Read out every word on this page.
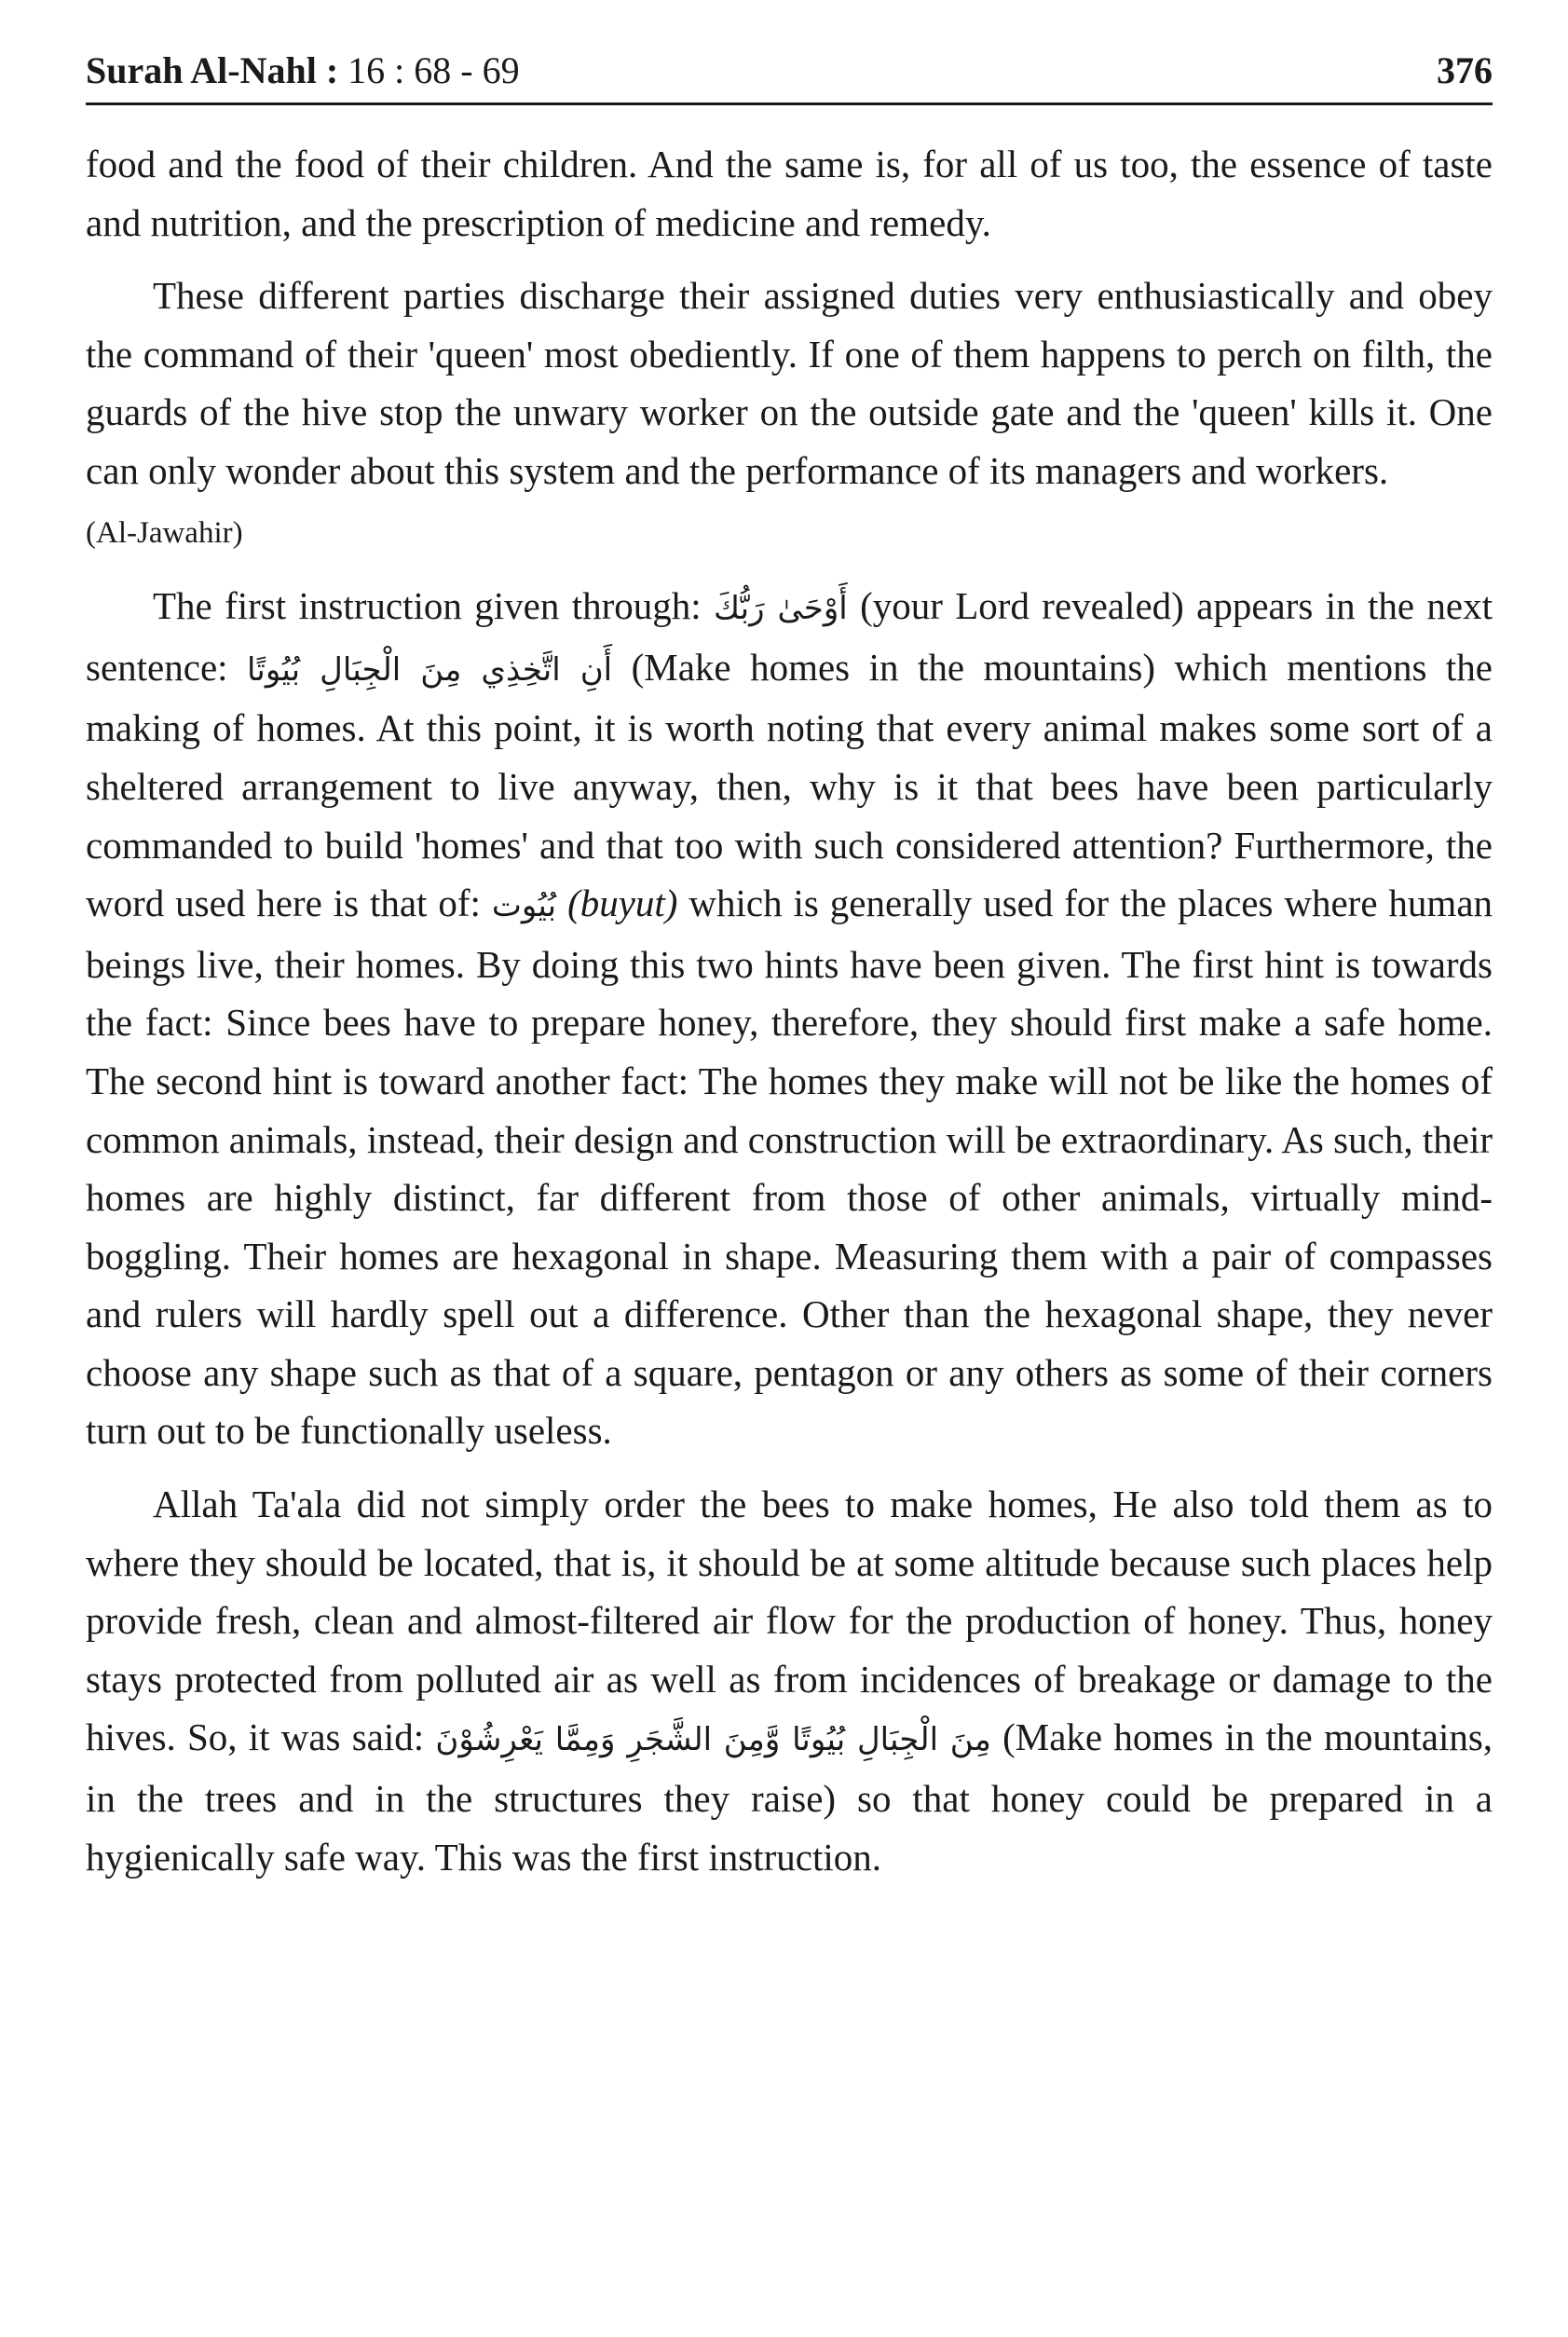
Surah Al-Nahl : 16 : 68 - 69	376

food and the food of their children. And the same is, for all of us too, the essence of taste and nutrition, and the prescription of medicine and remedy.

These different parties discharge their assigned duties very enthusiastically and obey the command of their 'queen' most obediently. If one of them happens to perch on filth, the guards of the hive stop the unwary worker on the outside gate and the 'queen' kills it. One can only wonder about this system and the performance of its managers and workers.
(Al-Jawahir)

The first instruction given through: أَوْحَىٰ رَبُّكَ (your Lord revealed) appears in the next sentence: أَنِ اتَّخِذِي مِنَ الْجِبَالِ بُيُوتًا (Make homes in the mountains) which mentions the making of homes. At this point, it is worth noting that every animal makes some sort of a sheltered arrangement to live anyway, then, why is it that bees have been particularly commanded to build 'homes' and that too with such considered attention? Furthermore, the word used here is that of: بُيُوت (buyut) which is generally used for the places where human beings live, their homes. By doing this two hints have been given. The first hint is towards the fact: Since bees have to prepare honey, therefore, they should first make a safe home. The second hint is toward another fact: The homes they make will not be like the homes of common animals, instead, their design and construction will be extraordinary. As such, their homes are highly distinct, far different from those of other animals, virtually mind-boggling. Their homes are hexagonal in shape. Measuring them with a pair of compasses and rulers will hardly spell out a difference. Other than the hexagonal shape, they never choose any shape such as that of a square, pentagon or any others as some of their corners turn out to be functionally useless.

Allah Ta'ala did not simply order the bees to make homes, He also told them as to where they should be located, that is, it should be at some altitude because such places help provide fresh, clean and almost-filtered air flow for the production of honey. Thus, honey stays protected from polluted air as well as from incidences of breakage or damage to the hives. So, it was said: مِنَ الْجِبَالِ بُيُوتًا وَّمِنَ الشَّجَرِ وَمِمَّا يَعْرِشُوْنَ (Make homes in the mountains, in the trees and in the structures they raise) so that honey could be prepared in a hygienically safe way. This was the first instruction.
